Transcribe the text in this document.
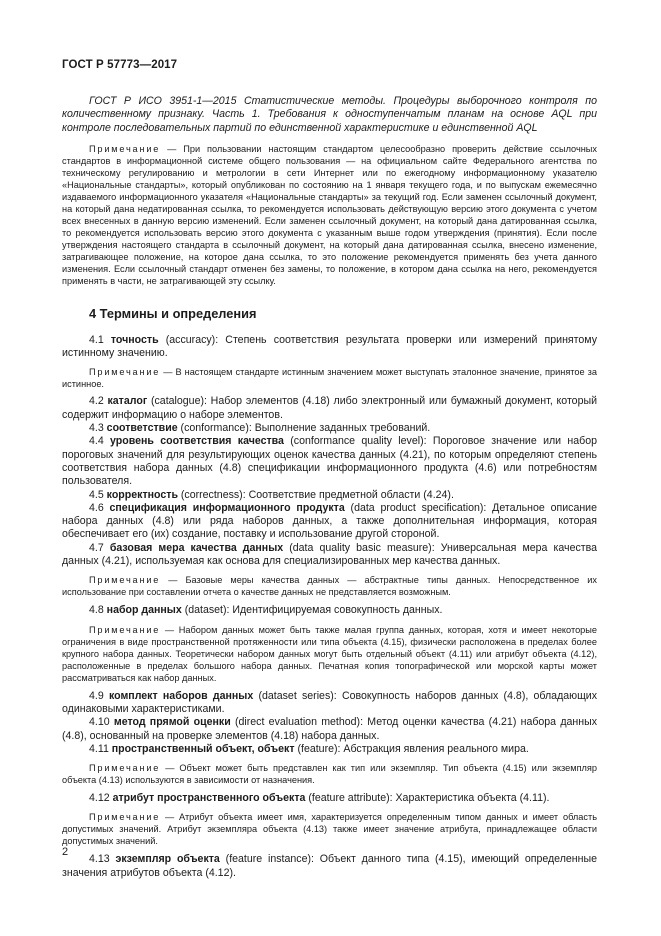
ГОСТ Р 57773—2017

ГОСТ Р ИСО 3951-1—2015 Статистические методы. Процедуры выборочного контроля по количественному признаку. Часть 1. Требования к одноступенчатым планам на основе AQL при контроле последовательных партий по единственной характеристике и единственной AQL

Примечание — При пользовании настоящим стандартом целесообразно проверить действие ссылочных стандартов в информационной системе общего пользования — на официальном сайте Федерального агентства по техническому регулированию и метрологии в сети Интернет или по ежегодному информационному указателю «Национальные стандарты», который опубликован по состоянию на 1 января текущего года, и по выпускам ежемесячно издаваемого информационного указателя «Национальные стандарты» за текущий год. Если заменен ссылочный документ, на который дана недатированная ссылка, то рекомендуется использовать действующую версию этого документа с учетом всех внесенных в данную версию изменений. Если заменен ссылочный документ, на который дана датированная ссылка, то рекомендуется использовать версию этого документа с указанным выше годом утверждения (принятия). Если после утверждения настоящего стандарта в ссылочный документ, на который дана датированная ссылка, внесено изменение, затрагивающее положение, на которое дана ссылка, то это положение рекомендуется применять без учета данного изменения. Если ссылочный стандарт отменен без замены, то положение, в котором дана ссылка на него, рекомендуется применять в части, не затрагивающей эту ссылку.

4 Термины и определения

4.1 точность (accuracy): Степень соответствия результата проверки или измерений принятому истинному значению.

Примечание — В настоящем стандарте истинным значением может выступать эталонное значение, принятое за истинное.

4.2 каталог (catalogue): Набор элементов (4.18) либо электронный или бумажный документ, который содержит информацию о наборе элементов.

4.3 соответствие (conformance): Выполнение заданных требований.

4.4 уровень соответствия качества (conformance quality level): Пороговое значение или набор пороговых значений для результирующих оценок качества данных (4.21), по которым определяют степень соответствия набора данных (4.8) спецификации информационного продукта (4.6) или потребностям пользователя.

4.5 корректность (correctness): Соответствие предметной области (4.24).

4.6 спецификация информационного продукта (data product specification): Детальное описание набора данных (4.8) или ряда наборов данных, а также дополнительная информация, которая обеспечивает его (их) создание, поставку и использование другой стороной.

4.7 базовая мера качества данных (data quality basic measure): Универсальная мера качества данных (4.21), используемая как основа для специализированных мер качества данных.

Примечание — Базовые меры качества данных — абстрактные типы данных. Непосредственное их использование при составлении отчета о качестве данных не представляется возможным.

4.8 набор данных (dataset): Идентифицируемая совокупность данных.

Примечание — Набором данных может быть также малая группа данных, которая, хотя и имеет некоторые ограничения в виде пространственной протяженности или типа объекта (4.15), физически расположена в пределах более крупного набора данных. Теоретически набором данных могут быть отдельный объект (4.11) или атрибут объекта (4.12), расположенные в пределах большого набора данных. Печатная копия топографической или морской карты может рассматриваться как набор данных.

4.9 комплект наборов данных (dataset series): Совокупность наборов данных (4.8), обладающих одинаковыми характеристиками.

4.10 метод прямой оценки (direct evaluation method): Метод оценки качества (4.21) набора данных (4.8), основанный на проверке элементов (4.18) набора данных.

4.11 пространственный объект, объект (feature): Абстракция явления реального мира.

Примечание — Объект может быть представлен как тип или экземпляр. Тип объекта (4.15) или экземпляр объекта (4.13) используются в зависимости от назначения.

4.12 атрибут пространственного объекта (feature attribute): Характеристика объекта (4.11).

Примечание — Атрибут объекта имеет имя, характеризуется определенным типом данных и имеет область допустимых значений. Атрибут экземпляра объекта (4.13) также имеет значение атрибута, принадлежащее области допустимых значений.

4.13 экземпляр объекта (feature instance): Объект данного типа (4.15), имеющий определенные значения атрибутов объекта (4.12).

2
